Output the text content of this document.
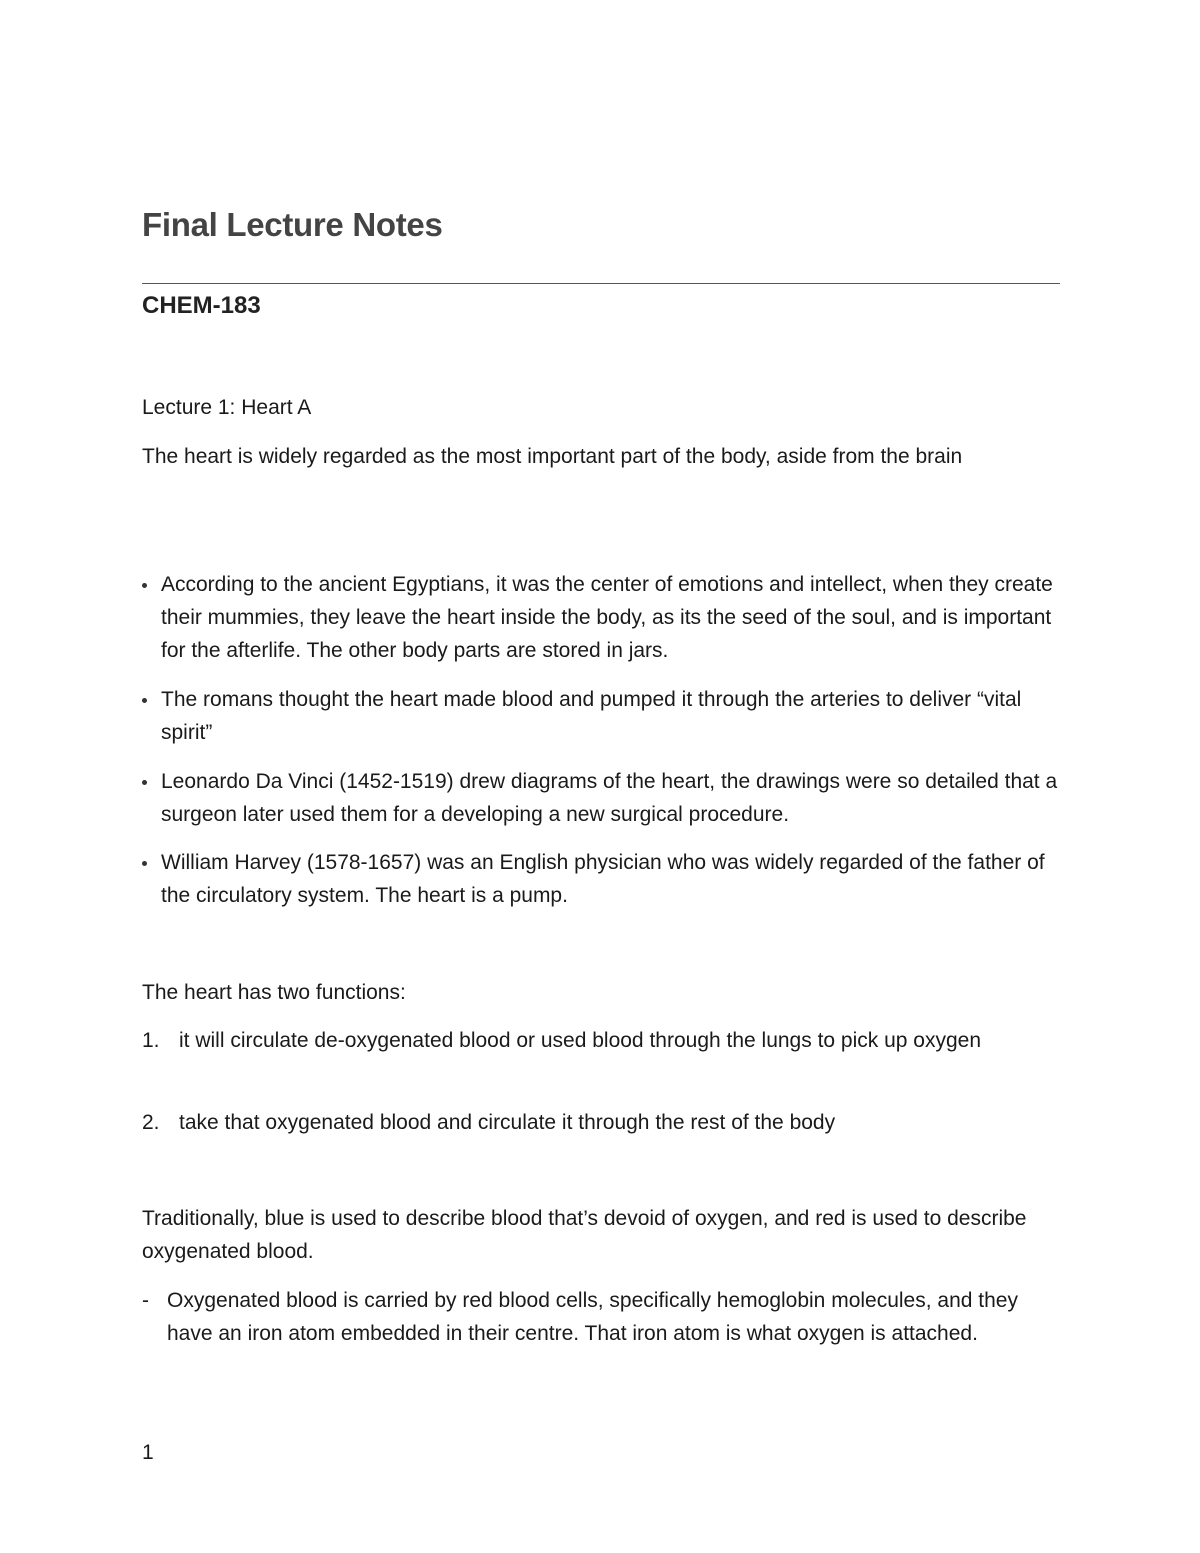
Final Lecture Notes
CHEM-183

Lecture 1: Heart A

The heart is widely regarded as the most important part of the body, aside from the brain

According to the ancient Egyptians, it was the center of emotions and intellect, when they create their mummies, they leave the heart inside the body, as its the seed of the soul, and is important for the afterlife. The other body parts are stored in jars.
The romans thought the heart made blood and pumped it through the arteries to deliver “vital spirit”
Leonardo Da Vinci (1452-1519) drew diagrams of the heart, the drawings were so detailed that a surgeon later used them for a developing a new surgical procedure.
William Harvey (1578-1657) was an English physician who was widely regarded of the father of the circulatory system. The heart is a pump.

The heart has two functions:

1. it will circulate de-oxygenated blood or used blood through the lungs to pick up oxygen
2. take that oxygenated blood and circulate it through the rest of the body

Traditionally, blue is used to describe blood that’s devoid of oxygen, and red is used to describe oxygenated blood.

- Oxygenated blood is carried by red blood cells, specifically hemoglobin molecules, and they have an iron atom embedded in their centre. That iron atom is what oxygen is attached.

1
